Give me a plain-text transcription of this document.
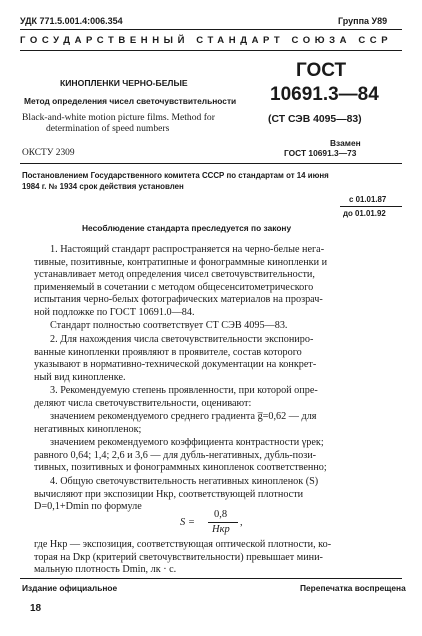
УДК 771.5.001.4:006.354	Группа У89
ГОСУДАРСТВЕННЫЙ СТАНДАРТ СОЮЗА ССР
КИНОПЛЕНКИ ЧЕРНО-БЕЛЫЕ
Метод определения чисел светочувствительности
Black-and-white motion picture films. Method for
determination of speed numbers
ГОСТ
10691.3—84
(СТ СЭВ 4095—83)
ОКСТУ 2309
Взамен
ГОСТ 10691.3—73
Постановлением Государственного комитета СССР по стандартам от 14 июня
1984 г. № 1934 срок действия установлен
с 01.01.87
до 01.01.92
Несоблюдение стандарта преследуется по закону
1. Настоящий стандарт распространяется на черно-белые нега-
тивные, позитивные, контратипные и фонограммные кинопленки и
устанавливает метод определения чисел светочувствительности,
применяемый в сочетании с методом общесенситометрического
испытания черно-белых фотографических материалов на прозрач-
ной подложке по ГОСТ 10691.0—84.
Стандарт полностью соответствует СТ СЭВ 4095—83.
2. Для нахождения числа светочувствительности экспониро-
ванные кинопленки проявляют в проявителе, состав которого
указывают в нормативно-технической документации на конкрет-
ный вид кинопленке.
3. Рекомендуемую степень проявленности, при которой опре-
деляют числа светочувствительности, оценивают:
значением рекомендуемого среднего градиента g̅=0,62 — для
негативных кинопленок;
значением рекомендуемого коэффициента контрастности γрек;
равного 0,64; 1,4; 2,6 и 3,6 — для дубль-негативных, дубль-пози-
тивных, позитивных и фонограммных кинопленок соответственно;
4. Общую светочувствительность негативных кинопленок (S)
вычисляют при экспозиции Hкр, соответствующей плотности
D=0,1+Dmin по формуле
S =
0,8
Hкр
,
где Hкр — экспозиция, соответствующая оптической плотности, ко-
торая на Dкр (критерий светочувствительности) превышает мини-
мальную плотность Dmin, лк · с.
Издание официальное	Перепечатка воспрещена
18
